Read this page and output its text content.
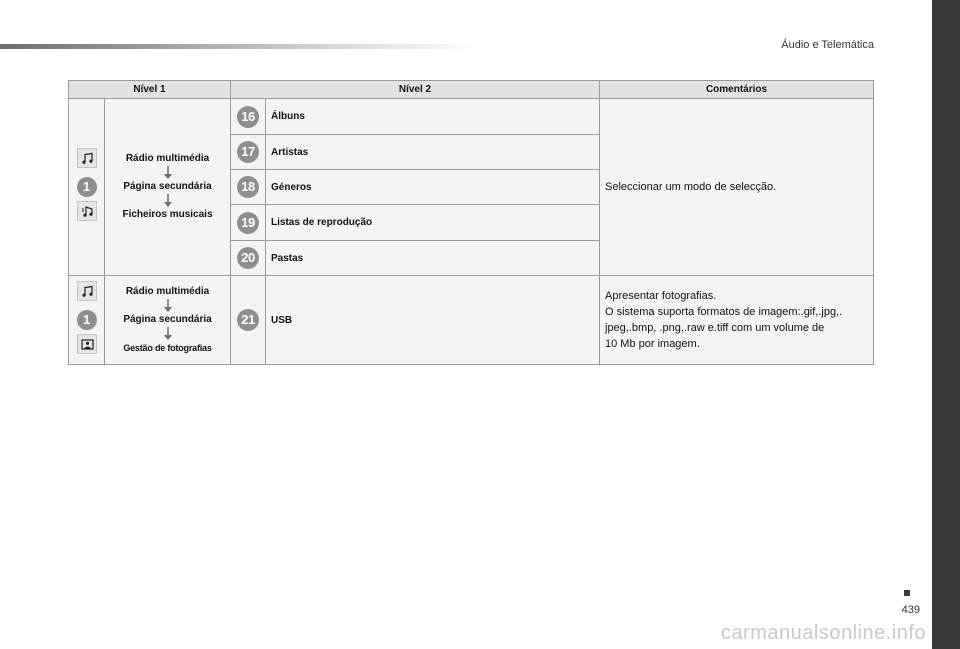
Áudio e Telemática
Nível 1		Nível 2		Comentários

1	Rádio multimédia
Página secundária
Ficheiros musicais	16	Álbuns	Seleccionar um modo de selecção.
		17	Artistas	
		18	Géneros	
		19	Listas de reprodução	
		20	Pastas	

1	Rádio multimédia
Página secundária
Gestão de fotografias	21	USB	Apresentar fotografias.
O sistema suporta formatos de imagem:.gif,.jpg,.
jpeg,.bmp, .png,.raw e.tiff com um volume de
10 Mb por imagem.
439
carmanualsonline.info
